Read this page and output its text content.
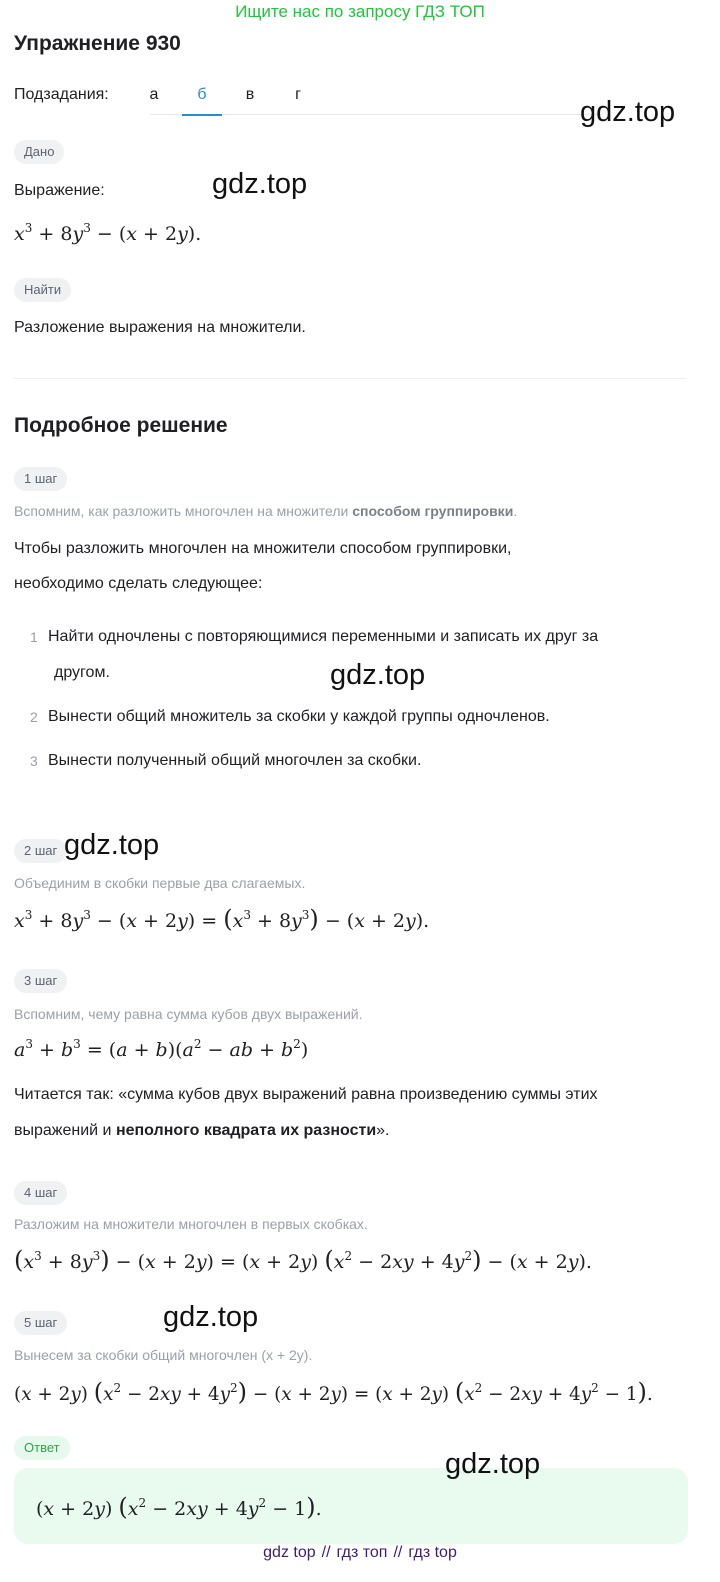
Ищите нас по запросу ГДЗ ТОП
Упражнение 930
Подзадания:	а	б	в	г
Дано
Выражение:
$x^3 + 8y^3 - (x + 2y)$.
Найти
Разложение выражения на множители.
Подробное решение
1 шаг
Вспомним, как разложить многочлен на множители способом группировки.
Чтобы разложить многочлен на множители способом группировки,
необходимо сделать следующее:
1 Найти одночлены с повторяющимися переменными и записать их друг за
другом.
2 Вынести общий множитель за скобки у каждой группы одночленов.
3 Вынести полученный общий многочлен за скобки.
2 шаг
Объединим в скобки первые два слагаемых.
$x^3 + 8y^3 - (x + 2y) = (x^3 + 8y^3) - (x + 2y)$.
3 шаг
Вспомним, чему равна сумма кубов двух выражений.
$a^3 + b^3 = (a + b)(a^2$ − ab + $b^2$)
Читается так: «сумма кубов двух выражений равна произведению суммы этих
выражений и неполного квадрата их разности».
4 шаг
Разложим на множители многочлен в первых скобках.
$(x^3 + 8y^3) - (x + 2y) = (x + 2y) (x^2 - 2xy + 4y^2) - (x + 2y)$.
5 шаг
Вынесем за скобки общий многочлен (x + 2y).
(x + 2y) $(x^2 - 2xy + 4y^2) - (x + 2y) = (x + 2y) (x^2 - 2xy + 4y^2 - 1)$.
Ответ
(x + 2y) $(x^2 - 2xy + 4y^2 - 1)$.
gdz.top
gdz.top
gdz.top
gdz.top
gdz.top
gdz.top
gdz top // гдз топ // гдз top
